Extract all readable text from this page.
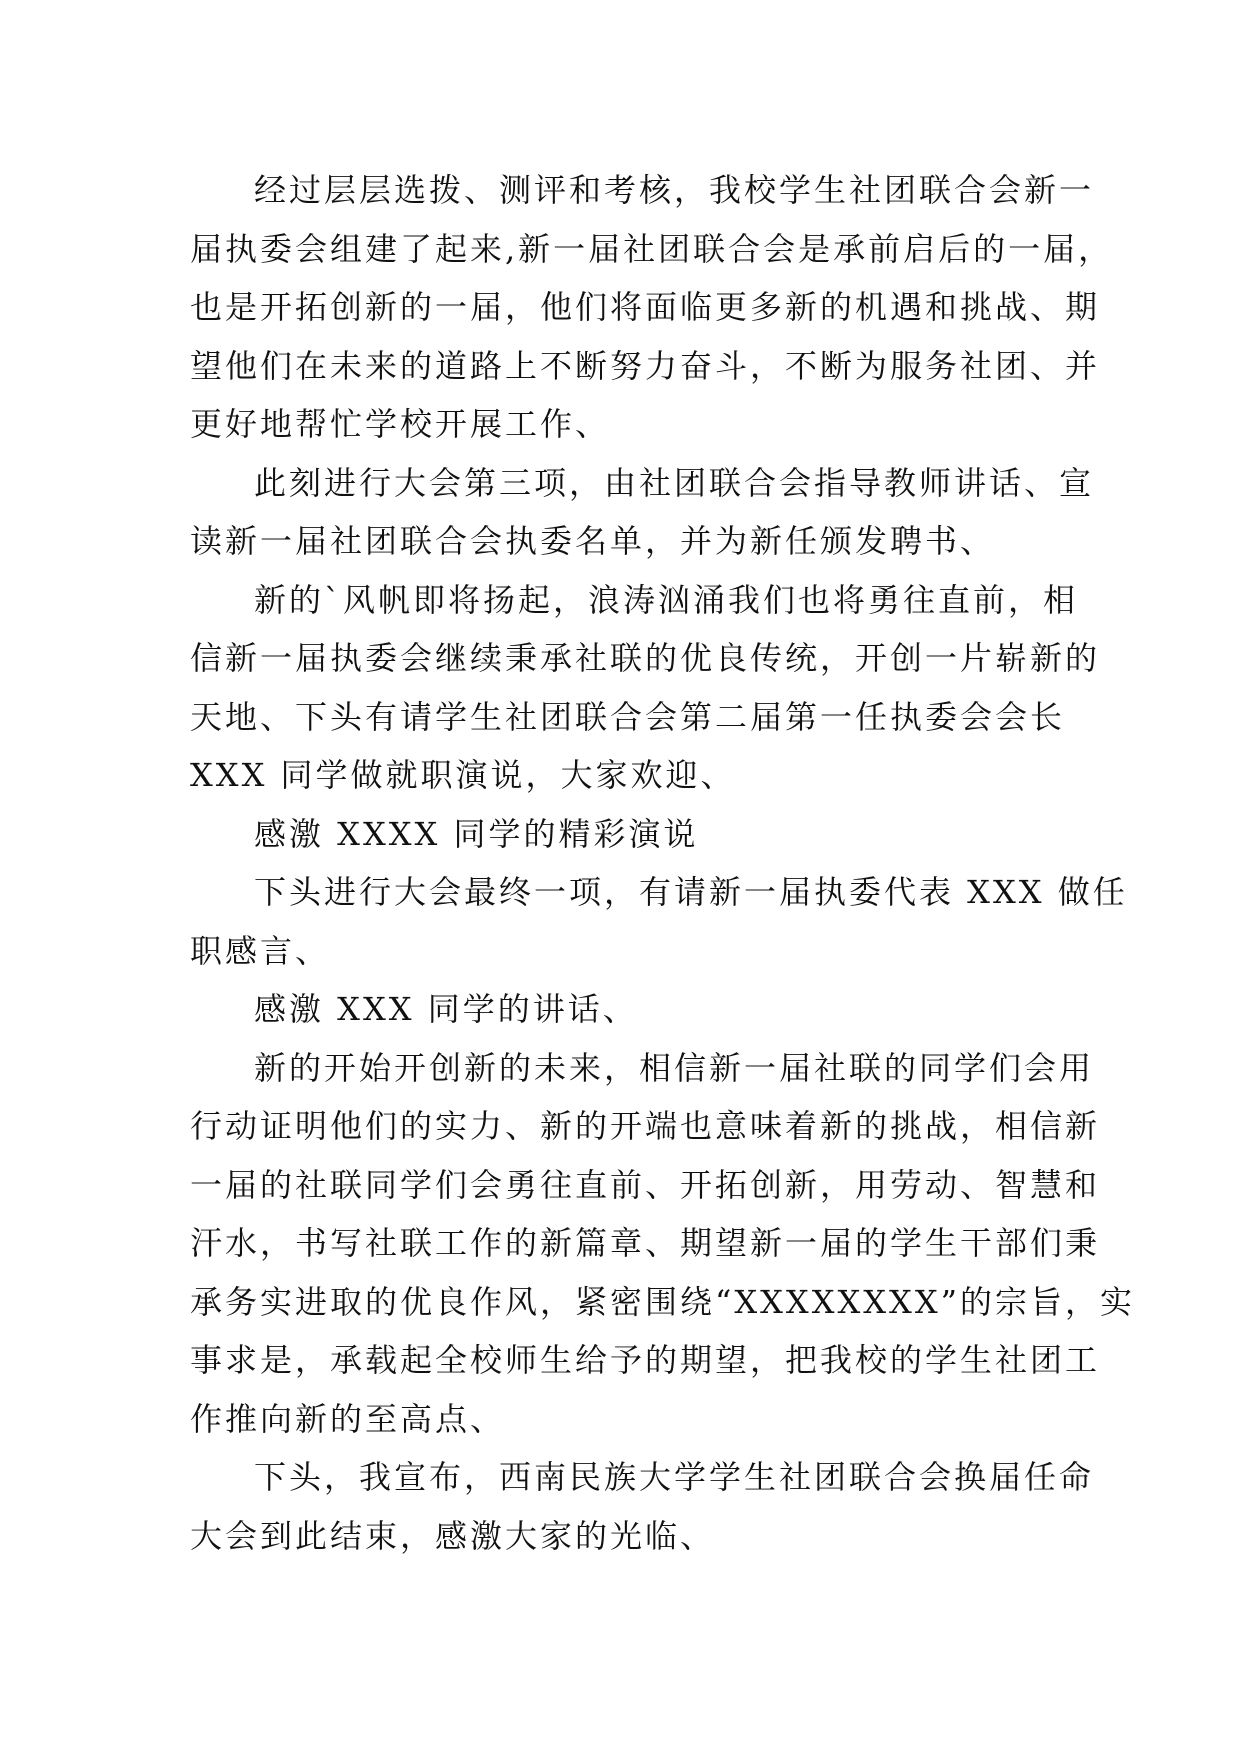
经过层层选拨、测评和考核，我校学生社团联合会新一
届执委会组建了起来,新一届社团联合会是承前启后的一届，
也是开拓创新的一届，他们将面临更多新的机遇和挑战、期
望他们在未来的道路上不断努力奋斗，不断为服务社团、并
更好地帮忙学校开展工作、
此刻进行大会第三项，由社团联合会指导教师讲话、宣
读新一届社团联合会执委名单，并为新任颁发聘书、
新的`风帆即将扬起，浪涛汹涌我们也将勇往直前，相
信新一届执委会继续秉承社联的优良传统，开创一片崭新的
天地、下头有请学生社团联合会第二届第一任执委会会长
XXX 同学做就职演说，大家欢迎、
感激 XXXX 同学的精彩演说
下头进行大会最终一项，有请新一届执委代表 XXX 做任
职感言、
感激 XXX 同学的讲话、
新的开始开创新的未来，相信新一届社联的同学们会用
行动证明他们的实力、新的开端也意味着新的挑战，相信新
一届的社联同学们会勇往直前、开拓创新，用劳动、智慧和
汗水，书写社联工作的新篇章、期望新一届的学生干部们秉
承务实进取的优良作风，紧密围绕“XXXXXXXX”的宗旨，实
事求是，承载起全校师生给予的期望，把我校的学生社团工
作推向新的至高点、
下头，我宣布，西南民族大学学生社团联合会换届任命
大会到此结束，感激大家的光临、
